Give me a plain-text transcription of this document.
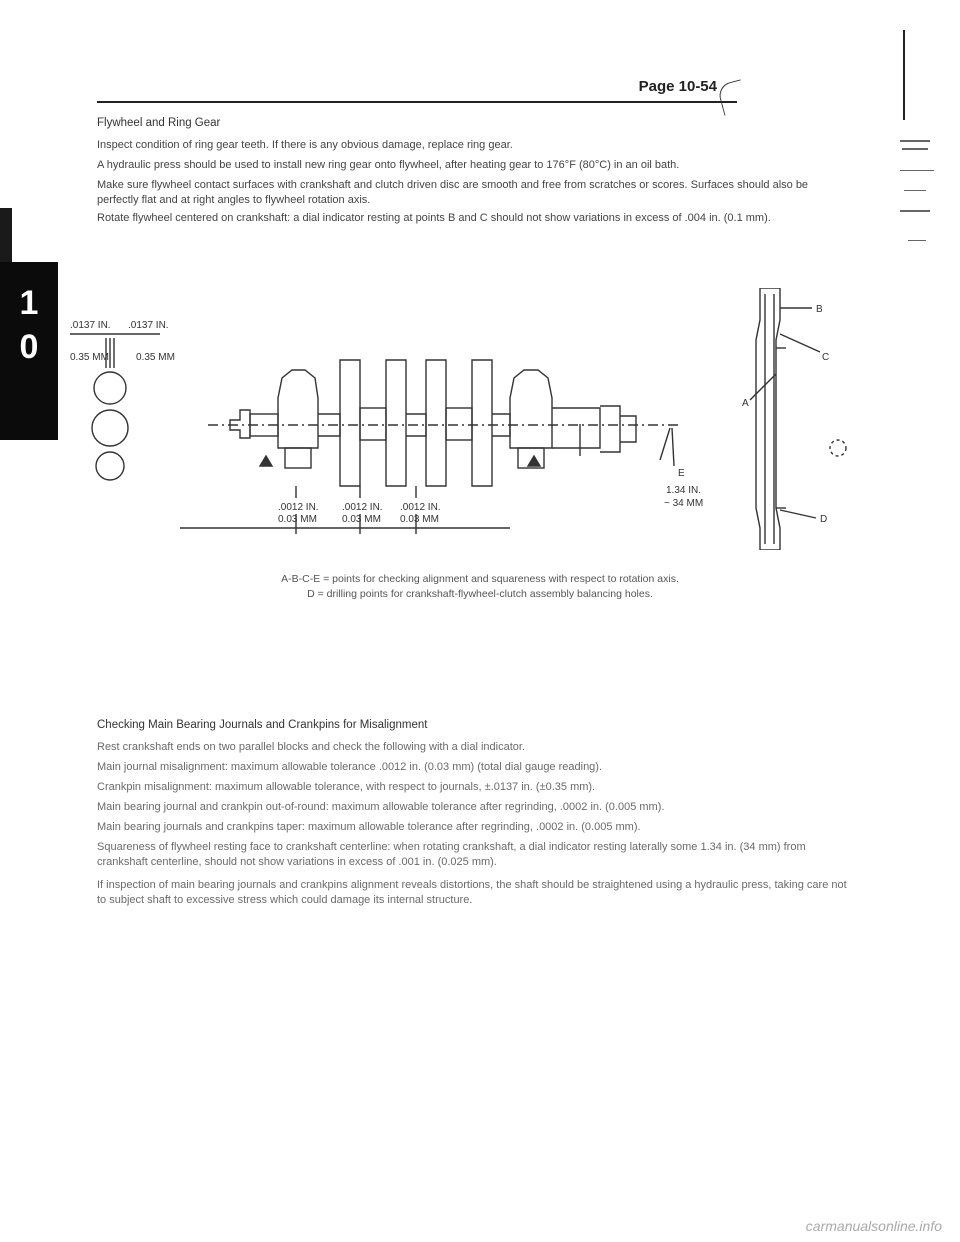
Page 10-54
1
0
Flywheel and Ring Gear
Inspect condition of ring gear teeth. If there is any obvious damage, replace ring gear.
A hydraulic press should be used to install new ring gear onto flywheel, after heating gear to 176°F (80°C) in an oil bath.
Make sure flywheel contact surfaces with crankshaft and clutch driven disc are smooth and free from scratches or scores. Surfaces should also be perfectly flat and at right angles to flywheel rotation axis.
Rotate flywheel centered on crankshaft: a dial indicator resting at points B and C should not show variations in excess of .004 in. (0.1 mm).
.0137 IN. .0137 IN.
0.35 MM	0.35 MM
.0012 IN. .0012 IN. .0012 IN.
0.03 MM	0.03 MM 0.03 MM
1.34 IN.
~ 34 MM
A
B
C
D
E
A-B-C-E = points for checking alignment and squareness with respect to rotation axis.
D = drilling points for crankshaft-flywheel-clutch assembly balancing holes.
Checking Main Bearing Journals and Crankpins for Misalignment
Rest crankshaft ends on two parallel blocks and check the following with a dial indicator.
Main journal misalignment: maximum allowable tolerance .0012 in. (0.03 mm) (total dial gauge reading).
Crankpin misalignment: maximum allowable tolerance, with respect to journals, ±.0137 in. (±0.35 mm).
Main bearing journal and crankpin out-of-round: maximum allowable tolerance after regrinding, .0002 in. (0.005 mm).
Main bearing journals and crankpins taper: maximum allowable tolerance after regrinding, .0002 in. (0.005 mm).
Squareness of flywheel resting face to crankshaft centerline: when rotating crankshaft, a dial indicator resting laterally some 1.34 in. (34 mm) from crankshaft centerline, should not show variations in excess of .001 in. (0.025 mm).
If inspection of main bearing journals and crankpins alignment reveals distortions, the shaft should be straightened using a hydraulic press, taking care not to subject shaft to excessive stress which could damage its internal structure.
carmanualsonline.info
